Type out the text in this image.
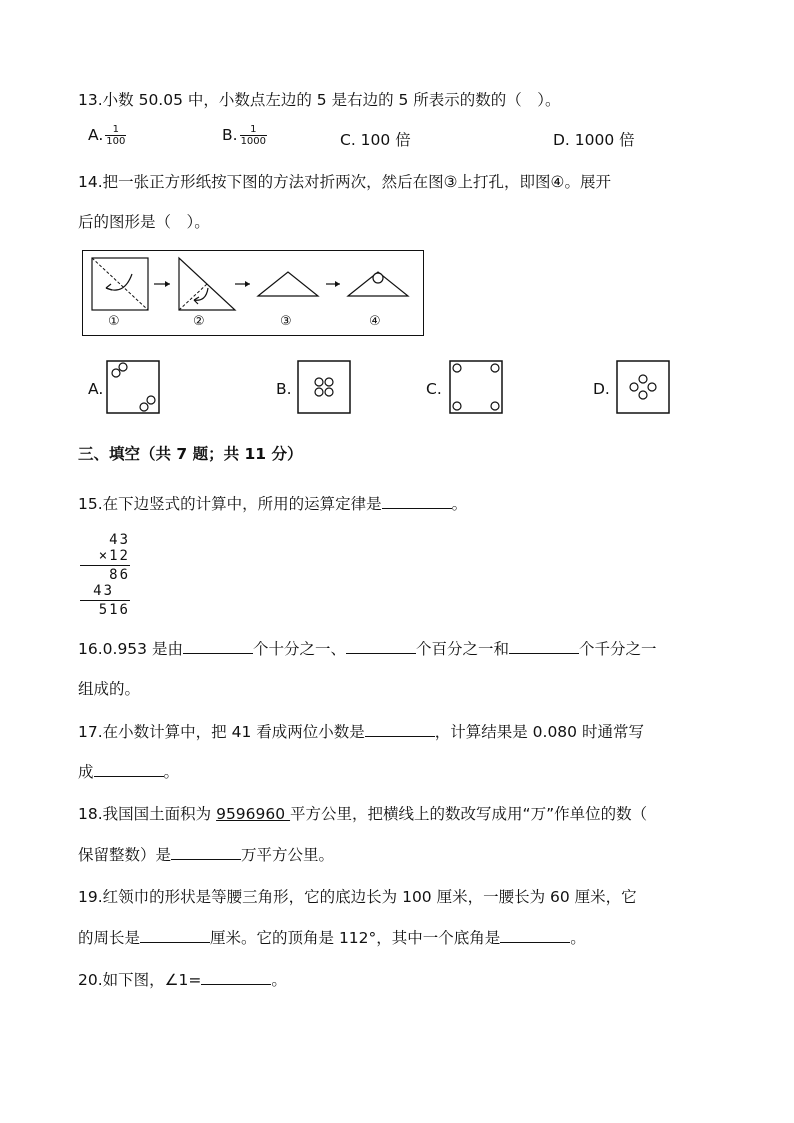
13.小数 50.05 中，小数点左边的 5 是右边的 5 所表示的数的（　）。
A. $\frac{1}{100}$	B. $\frac{1}{1000}$	C. 100 倍	D. 1000 倍
14.把一张正方形纸按下图的方法对折两次，然后在图③上打孔，即图④。展开
后的图形是（　）。
①	②	③	④
A.	B.	C.	D.
三、填空（共 7 题；共 11 分）
15.在下边竖式的计算中，所用的运算定律是	。
43
×12
86
43
516
16.0.953 是由	个十分之一、	个百分之一和	个千分之一
组成的。
17.在小数计算中，把 41 看成两位小数是	，计算结果是 0.080 时通常写
成	。
18.我国国土面积为 9596960 平方公里，把横线上的数改写成用“万”作单位的数（
保留整数）是	万平方公里。
19.红领巾的形状是等腰三角形，它的底边长为 100 厘米，一腰长为 60 厘米，它
的周长是	厘米。它的顶角是 112°，其中一个底角是	。
20.如下图，∠1=	。
